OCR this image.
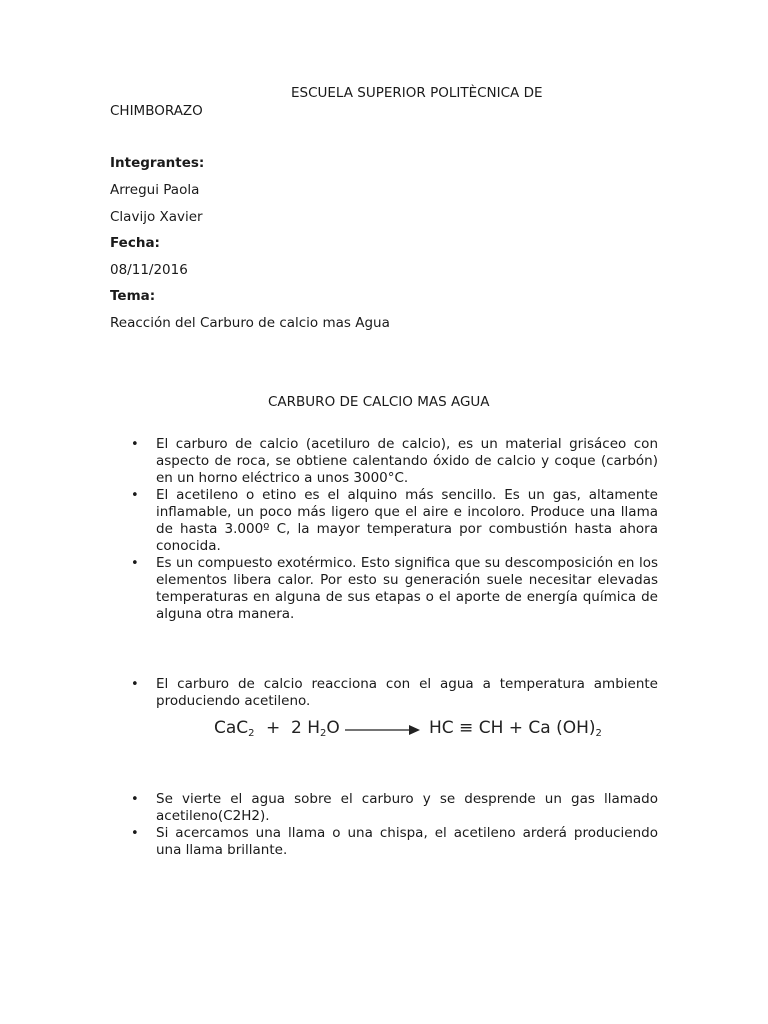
ESCUELA SUPERIOR POLITÈCNICA DE
CHIMBORAZO
Integrantes:
Arregui Paola
Clavijo Xavier
Fecha:
08/11/2016
Tema:
Reacción del Carburo de calcio mas Agua
CARBURO DE CALCIO MAS AGUA
• El carburo de calcio (acetiluro de calcio), es un material grisáceo con aspecto de roca, se obtiene calentando óxido de calcio y coque (carbón) en un horno eléctrico a unos 3000°C.
• El acetileno o etino es el alquino más sencillo. Es un gas, altamente inflamable, un poco más ligero que el aire e incoloro. Produce una llama de hasta 3.000º C, la mayor temperatura por combustión hasta ahora conocida.
• Es un compuesto exotérmico. Esto significa que su descomposición en los elementos libera calor. Por esto su generación suele necesitar elevadas temperaturas en alguna de sus etapas o el aporte de energía química de alguna otra manera.
• El carburo de calcio reacciona con el agua a temperatura ambiente produciendo acetileno.
CaC$_2$ + 2 $H_2O$	HC ≡ CH + Ca $(OH)_2$
• Se vierte el agua sobre el carburo y se desprende un gas llamado acetileno(C2H2).
• Si acercamos una llama o una chispa, el acetileno arderá produciendo una llama brillante.
